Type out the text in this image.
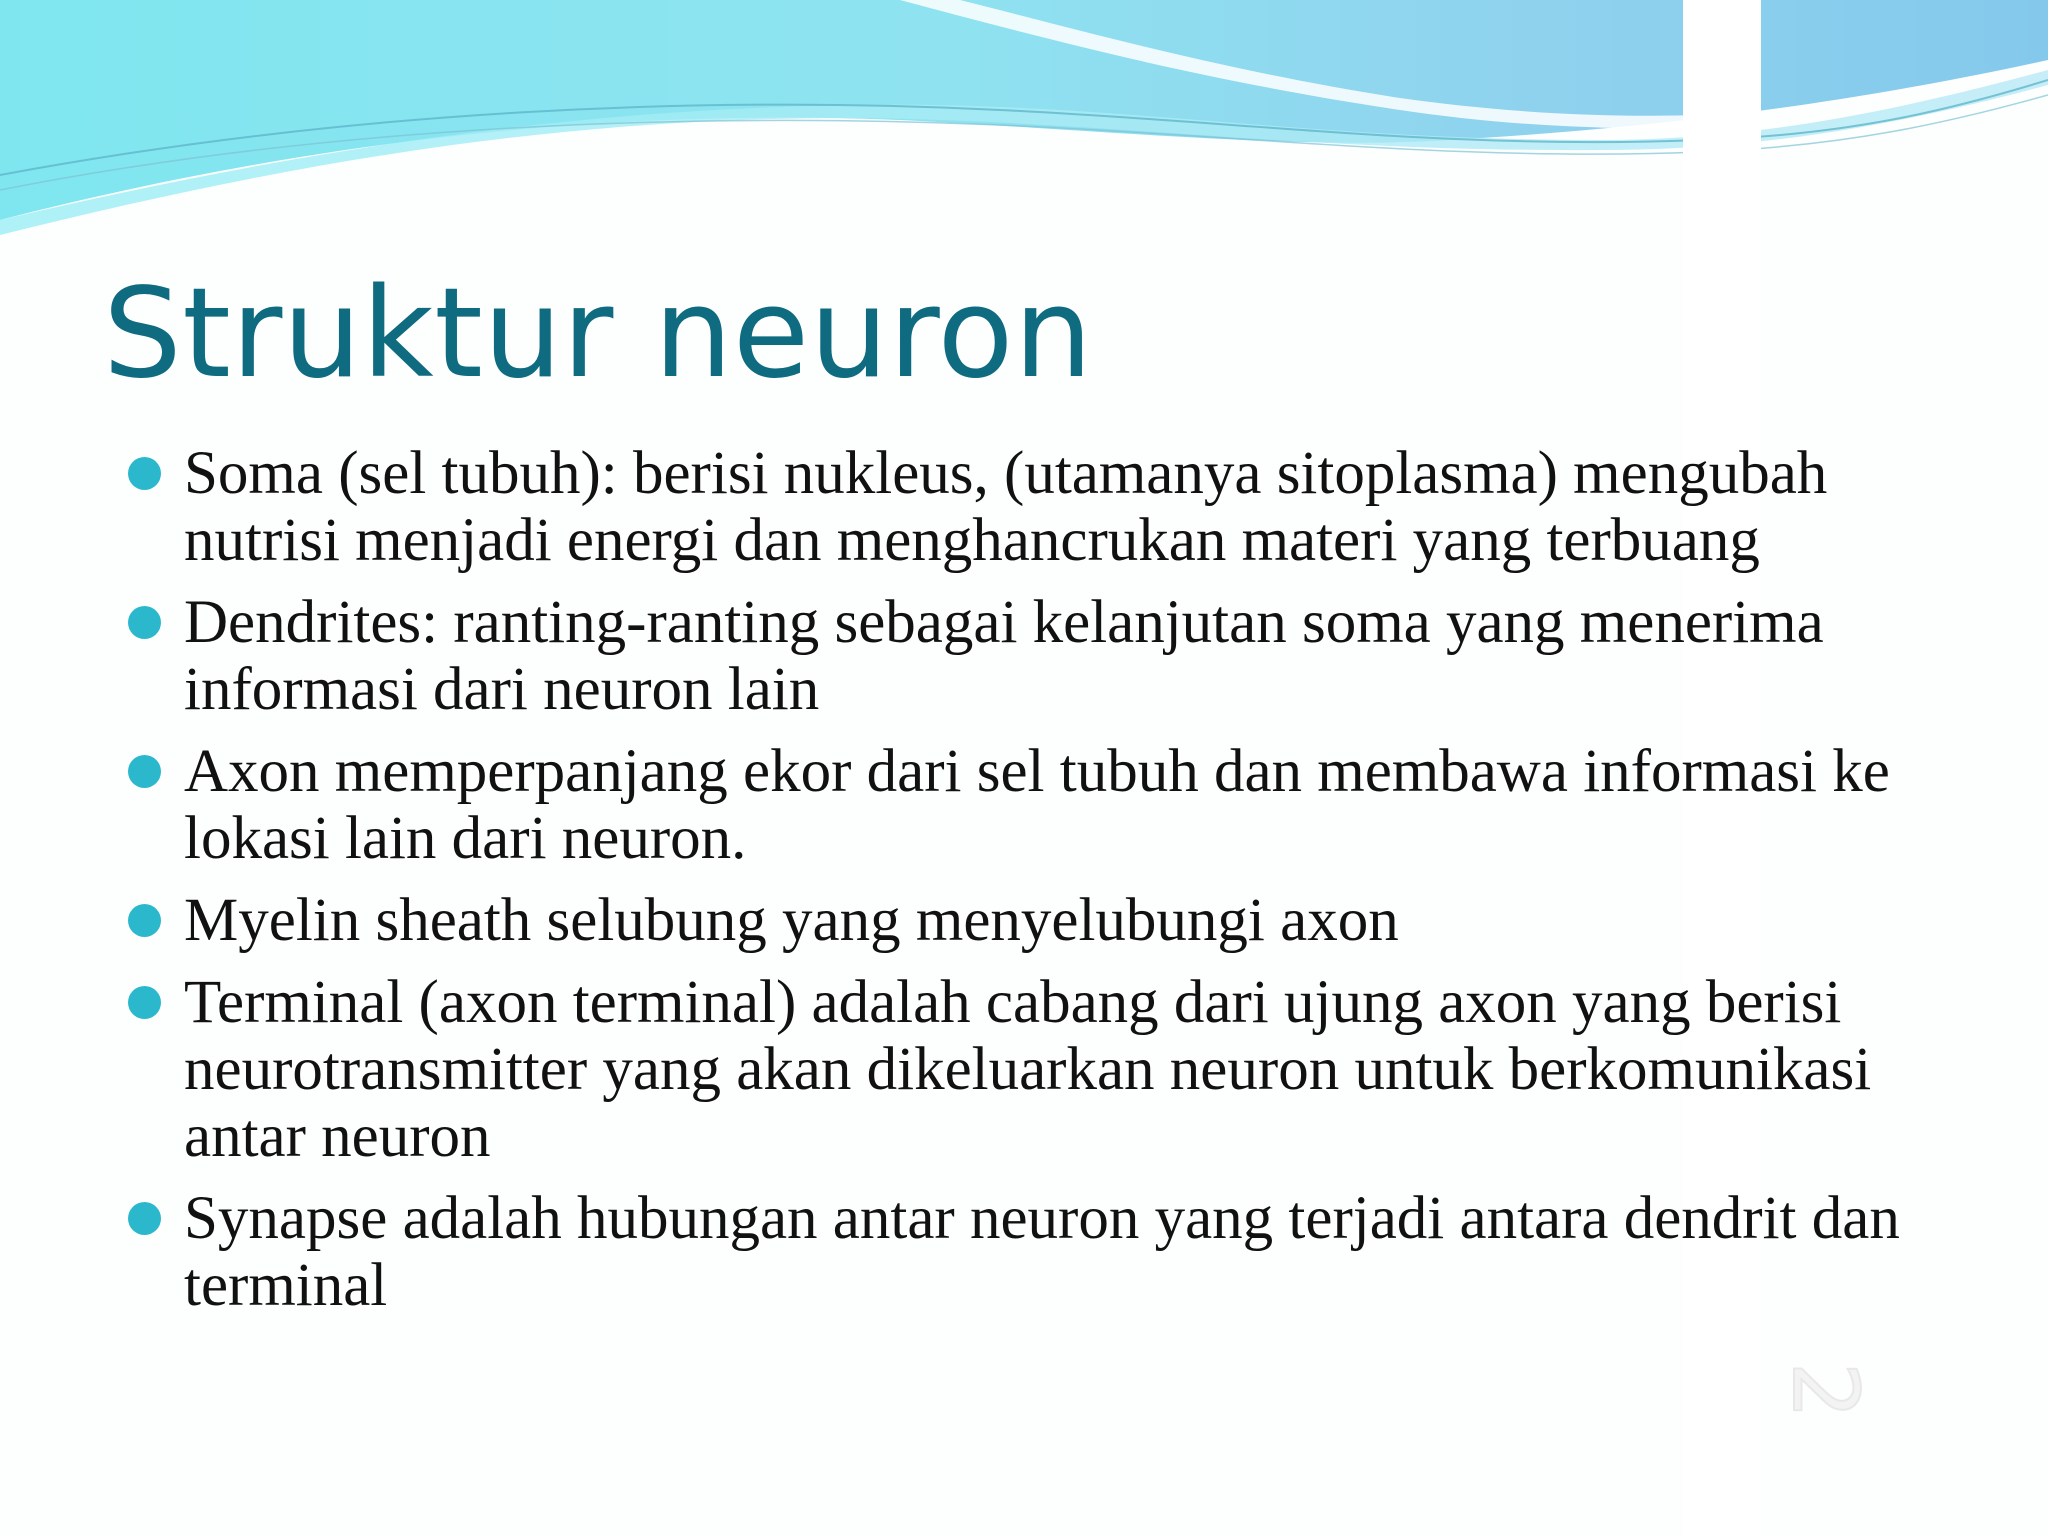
2
Struktur neuron
Soma (sel tubuh): berisi nukleus, (utamanya sitoplasma) mengubah nutrisi menjadi energi dan menghancrukan materi yang terbuang
Dendrites: ranting-ranting sebagai kelanjutan soma yang menerima informasi dari neuron lain
Axon memperpanjang ekor dari sel tubuh dan membawa informasi ke lokasi lain dari neuron.
Myelin sheath selubung yang menyelubungi axon
Terminal (axon terminal) adalah cabang dari ujung axon yang berisi neurotransmitter yang akan dikeluarkan neuron untuk berkomunikasi antar neuron
Synapse adalah hubungan antar neuron yang terjadi antara dendrit dan terminal
